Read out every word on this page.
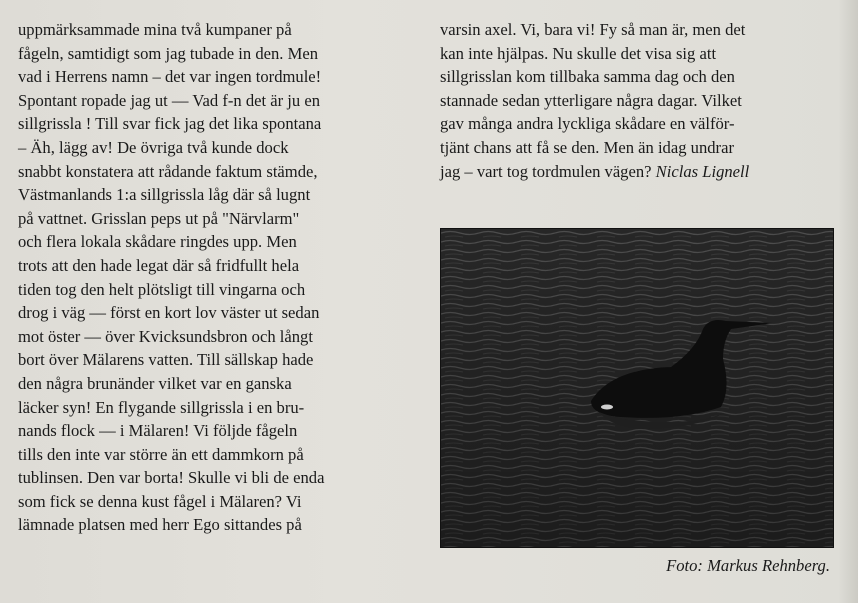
uppmärksammade mina två kumpaner på
fågeln, samtidigt som jag tubade in den. Men
vad i Herrens namn – det var ingen tordmule!
Spontant ropade jag ut — Vad f-n det är ju en
sillgrissla ! Till svar fick jag det lika spontana
– Äh, lägg av! De övriga två kunde dock
snabbt konstatera att rådande faktum stämde,
Västmanlands 1:a sillgrissla låg där så lugnt
på vattnet. Grisslan peps ut på "Närvlarm"
och flera lokala skådare ringdes upp. Men
trots att den hade legat där så fridfullt hela
tiden tog den helt plötsligt till vingarna och
drog i väg — först en kort lov väster ut sedan
mot öster — över Kvicksundsbron och långt
bort över Mälarens vatten. Till sällskap hade
den några brunänder vilket var en ganska
läcker syn! En flygande sillgrissla i en bru-
nands flock — i Mälaren! Vi följde fågeln
tills den inte var större än ett dammkorn på
tublinsen. Den var borta! Skulle vi bli de enda
som fick se denna kust fågel i Mälaren? Vi
lämnade platsen med herr Ego sittandes på
varsin axel. Vi, bara vi! Fy så man är, men det
kan inte hjälpas. Nu skulle det visa sig att
sillgrisslan kom tillbaka samma dag och den
stannade sedan ytterligare några dagar. Vilket
gav många andra lyckliga skådare en välför-
tjänt chans att få se den. Men än idag undrar
jag – vart tog tordmulen vägen? Niclas Lignell
Foto: Markus Rehnberg.
